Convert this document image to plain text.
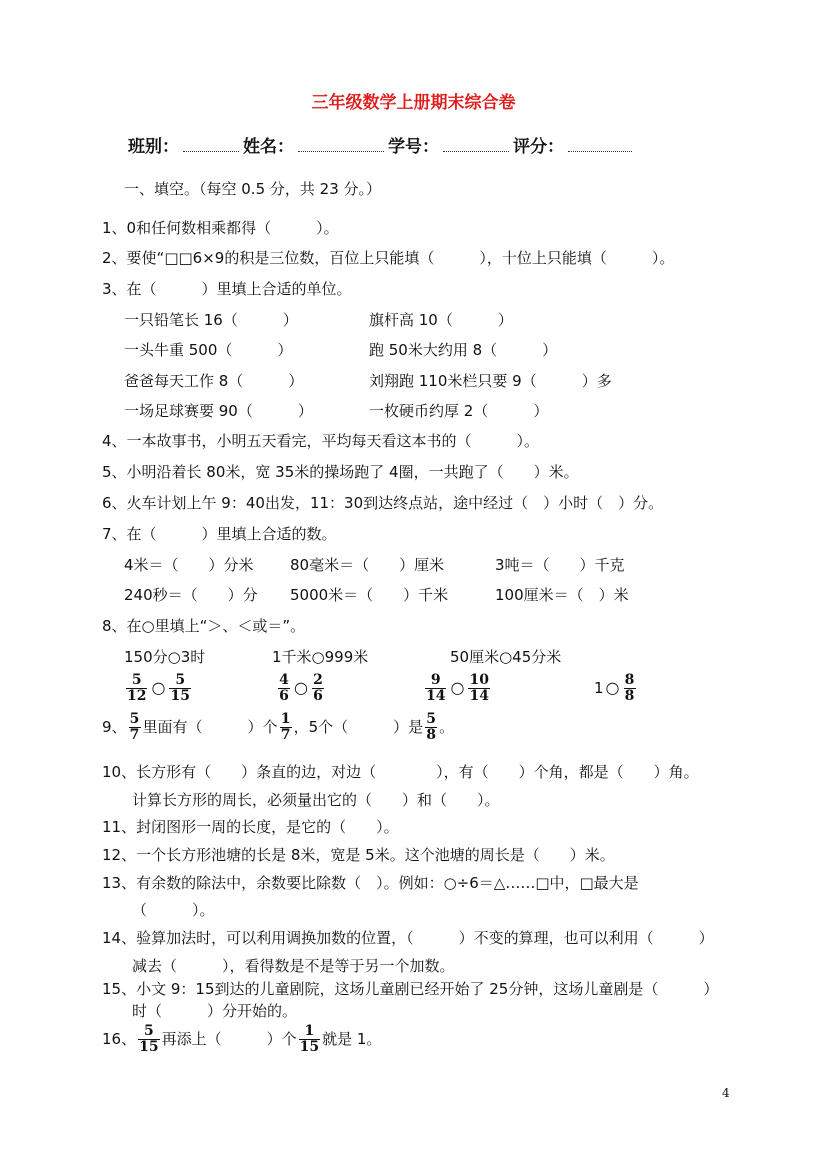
三年级数学上册期末综合卷
班别：	姓名：	学号：	评分：
一、填空。（每空 0.5 分，共 23 分。）
1、0和任何数相乘都得（　　　）。
2、要使“□□6×9的积是三位数，百位上只能填（　　　），十位上只能填（　　　）。
3、在（　　　）里填上合适的单位。
一只铅笔长 16（　　　）	旗杆高 10（　　　）
一头牛重 500（　　　）	跑 50米大约用 8（　　　）
爸爸每天工作 8（　　　）	刘翔跑 110米栏只要 9（　　　）多
一场足球赛要 90（　　　）	一枚硬币约厚 2（　　　）
4、一本故事书，小明五天看完，平均每天看这本书的（　　　）。
5、小明沿着长 80米，宽 35米的操场跑了 4圈，一共跑了（　　）米。
6、火车计划上午 9：40出发，11：30到达终点站，途中经过（　）小时（　）分。
7、在（　　　）里填上合适的数。
4米＝（　　）分米 80毫米＝（　　）厘米	3吨＝（　　）千克
240秒＝（　　）分 5000米＝（　　）千米	100厘米＝（　）米
8、在○里填上“＞、＜或＝”。
150分○3时	1千米○999米	50厘米○45分米
$\frac{5}{12}$ ○ $\frac{5}{15}$	$\frac{4}{6}$ ○ $\frac{2}{6}$	$\frac{9}{14}$ ○ $\frac{10}{14}$	1 ○ $\frac{8}{8}$
9、 $\frac{5}{7}$ 里面有（　　　）个 $\frac{1}{7}$ ，5个（　　　）是 $\frac{5}{8}$ 。
10、长方形有（　　）条直的边，对边（　　　　），有（　　）个角，都是（　　）角。
计算长方形的周长，必须量出它的（　　）和（　　）。
11、封闭图形一周的长度，是它的（　　）。
12、一个长方形池塘的长是 8米，宽是 5米。这个池塘的周长是（　　）米。
13、有余数的除法中，余数要比除数（　）。例如：○÷6＝△……□中，□最大是
（　　　）。
14、验算加法时，可以利用调换加数的位置，（　　　）不变的算理，也可以利用（　　　）
减去（　　　），看得数是不是等于另一个加数。
15、小文 9：15到达的儿童剧院，这场儿童剧已经开始了 25分钟，这场儿童剧是（　　　）
时（　　　）分开始的。
16、 $\frac{5}{15}$ 再添上（　　　）个 $\frac{1}{15}$ 就是 1。
4
